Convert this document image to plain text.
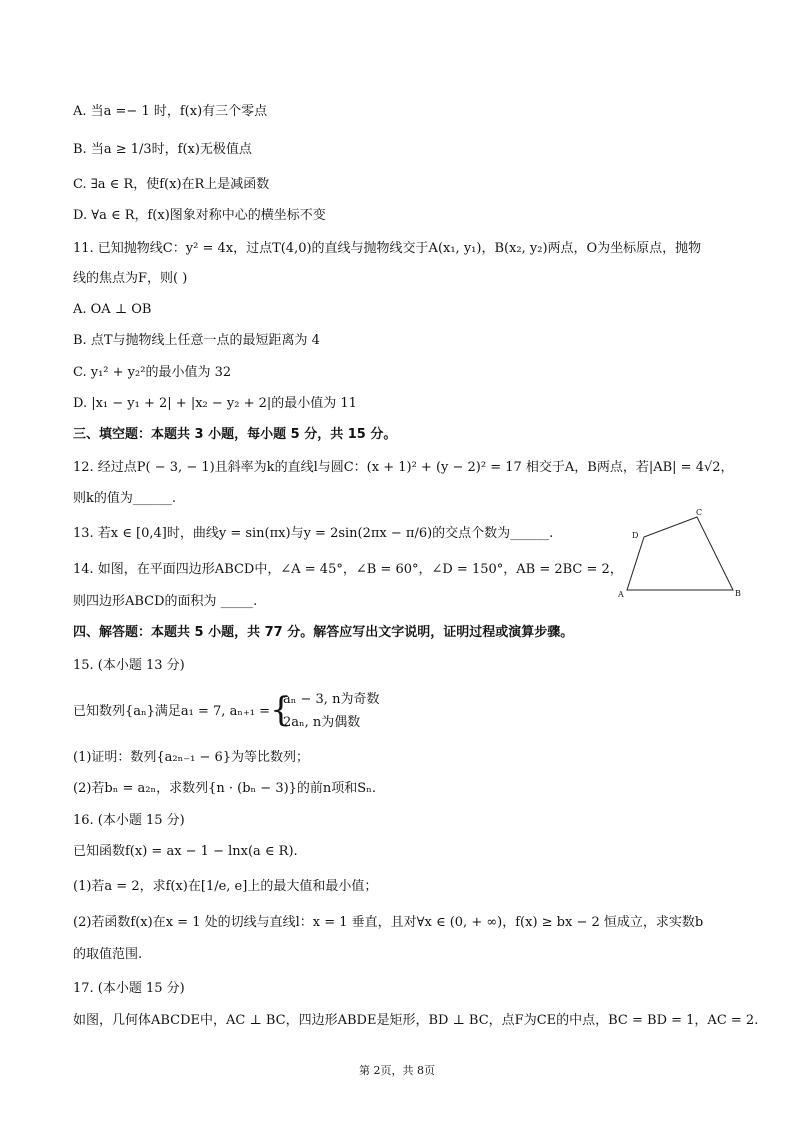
A. 当a =− 1 时，f(x)有三个零点
B. 当a ≥ 1/3时，f(x)无极值点
C. ∃a ∈ R，使f(x)在R上是减函数
D. ∀a ∈ R，f(x)图象对称中心的横坐标不变
11. 已知抛物线C：y² = 4x，过点T(4,0)的直线与抛物线交于A(x₁, y₁)，B(x₂, y₂)两点，O为坐标原点，抛物
线的焦点为F，则( )
A. OA ⊥ OB
B. 点T与抛物线上任意一点的最短距离为 4
C. y₁² + y₂²的最小值为 32
D. |x₁ − y₁ + 2| + |x₂ − y₂ + 2|的最小值为 11
三、填空题：本题共 3 小题，每小题 5 分，共 15 分。
12. 经过点P( − 3, − 1)且斜率为k的直线l与圆C：(x + 1)² + (y − 2)² = 17 相交于A，B两点，若|AB| = 4√2，
则k的值为______.
13. 若x ∈ [0,4]时，曲线y = sin(πx)与y = 2sin(2πx − π/6)的交点个数为______.
14. 如图，在平面四边形ABCD中，∠A = 45°，∠B = 60°，∠D = 150°，AB = 2BC = 2，
则四边形ABCD的面积为 _____.	A
D
C
B
四、解答题：本题共 5 小题，共 77 分。解答应写出文字说明，证明过程或演算步骤。
15. (本小题 13 分)
已知数列{aₙ}满足a₁ = 7, aₙ₊₁ = {
aₙ − 3, n为奇数
2aₙ, n为偶数
(1)证明：数列{a₂ₙ₋₁ − 6}为等比数列；
(2)若bₙ = a₂ₙ，求数列{n · (bₙ − 3)}的前n项和Sₙ.
16. (本小题 15 分)
已知函数f(x) = ax − 1 − lnx(a ∈ R).
(1)若a = 2，求f(x)在[1/e, e]上的最大值和最小值；
(2)若函数f(x)在x = 1 处的切线与直线l：x = 1 垂直，且对∀x ∈ (0, + ∞)，f(x) ≥ bx − 2 恒成立，求实数b
的取值范围.
17. (本小题 15 分)
如图，几何体ABCDE中，AC ⊥ BC，四边形ABDE是矩形，BD ⊥ BC，点F为CE的中点，BC = BD = 1，AC = 2.
第 2页，共 8页
